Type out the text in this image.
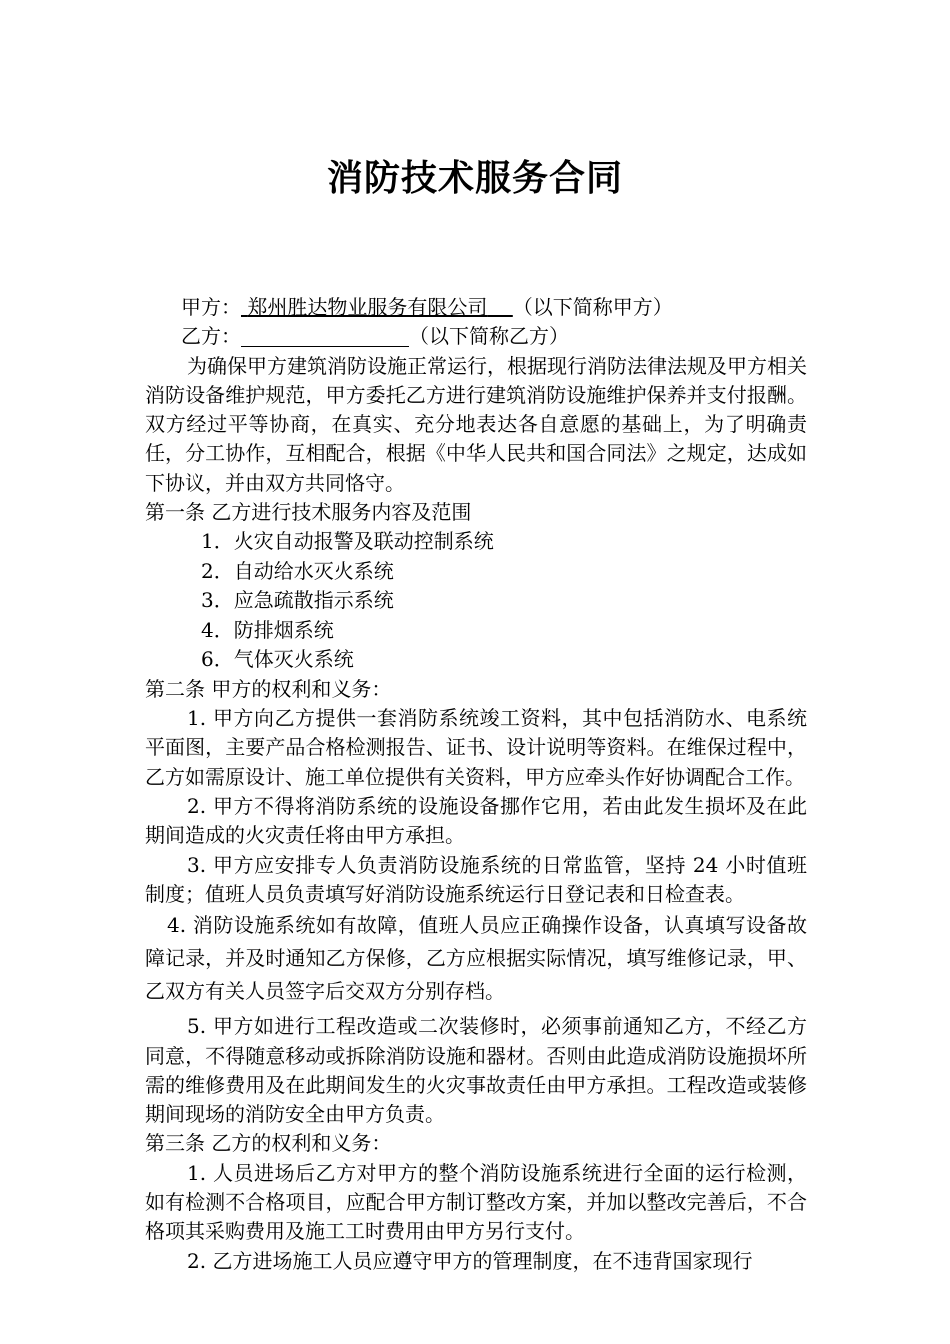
消防技术服务合同

甲方： 郑州胜达物业服务有限公司 （以下简称甲方）

乙方：	（以下简称乙方）

为确保甲方建筑消防设施正常运行，根据现行消防法律法规及甲方相关消防设备维护规范，甲方委托乙方进行建筑消防设施维护保养并支付报酬。双方经过平等协商，在真实、充分地表达各自意愿的基础上，为了明确责任，分工协作，互相配合，根据《中华人民共和国合同法》之规定，达成如下协议，并由双方共同恪守。

第一条 乙方进行技术服务内容及范围

1．火灾自动报警及联动控制系统

2．自动给水灭火系统

3．应急疏散指示系统

4．防排烟系统

6．气体灭火系统

第二条 甲方的权利和义务：

1. 甲方向乙方提供一套消防系统竣工资料，其中包括消防水、电系统平面图，主要产品合格检测报告、证书、设计说明等资料。在维保过程中，乙方如需原设计、施工单位提供有关资料，甲方应牵头作好协调配合工作。

2. 甲方不得将消防系统的设施设备挪作它用，若由此发生损坏及在此期间造成的火灾责任将由甲方承担。

3. 甲方应安排专人负责消防设施系统的日常监管，坚持 24 小时值班制度；值班人员负责填写好消防设施系统运行日登记表和日检查表。

4. 消防设施系统如有故障，值班人员应正确操作设备，认真填写设备故障记录，并及时通知乙方保修，乙方应根据实际情况，填写维修记录，甲、乙双方有关人员签字后交双方分别存档。

5. 甲方如进行工程改造或二次装修时，必须事前通知乙方，不经乙方同意，不得随意移动或拆除消防设施和器材。否则由此造成消防设施损坏所需的维修费用及在此期间发生的火灾事故责任由甲方承担。工程改造或装修期间现场的消防安全由甲方负责。

第三条 乙方的权利和义务：

1. 人员进场后乙方对甲方的整个消防设施系统进行全面的运行检测，如有检测不合格项目，应配合甲方制订整改方案，并加以整改完善后，不合格项其采购费用及施工工时费用由甲方另行支付。

2. 乙方进场施工人员应遵守甲方的管理制度，在不违背国家现行
